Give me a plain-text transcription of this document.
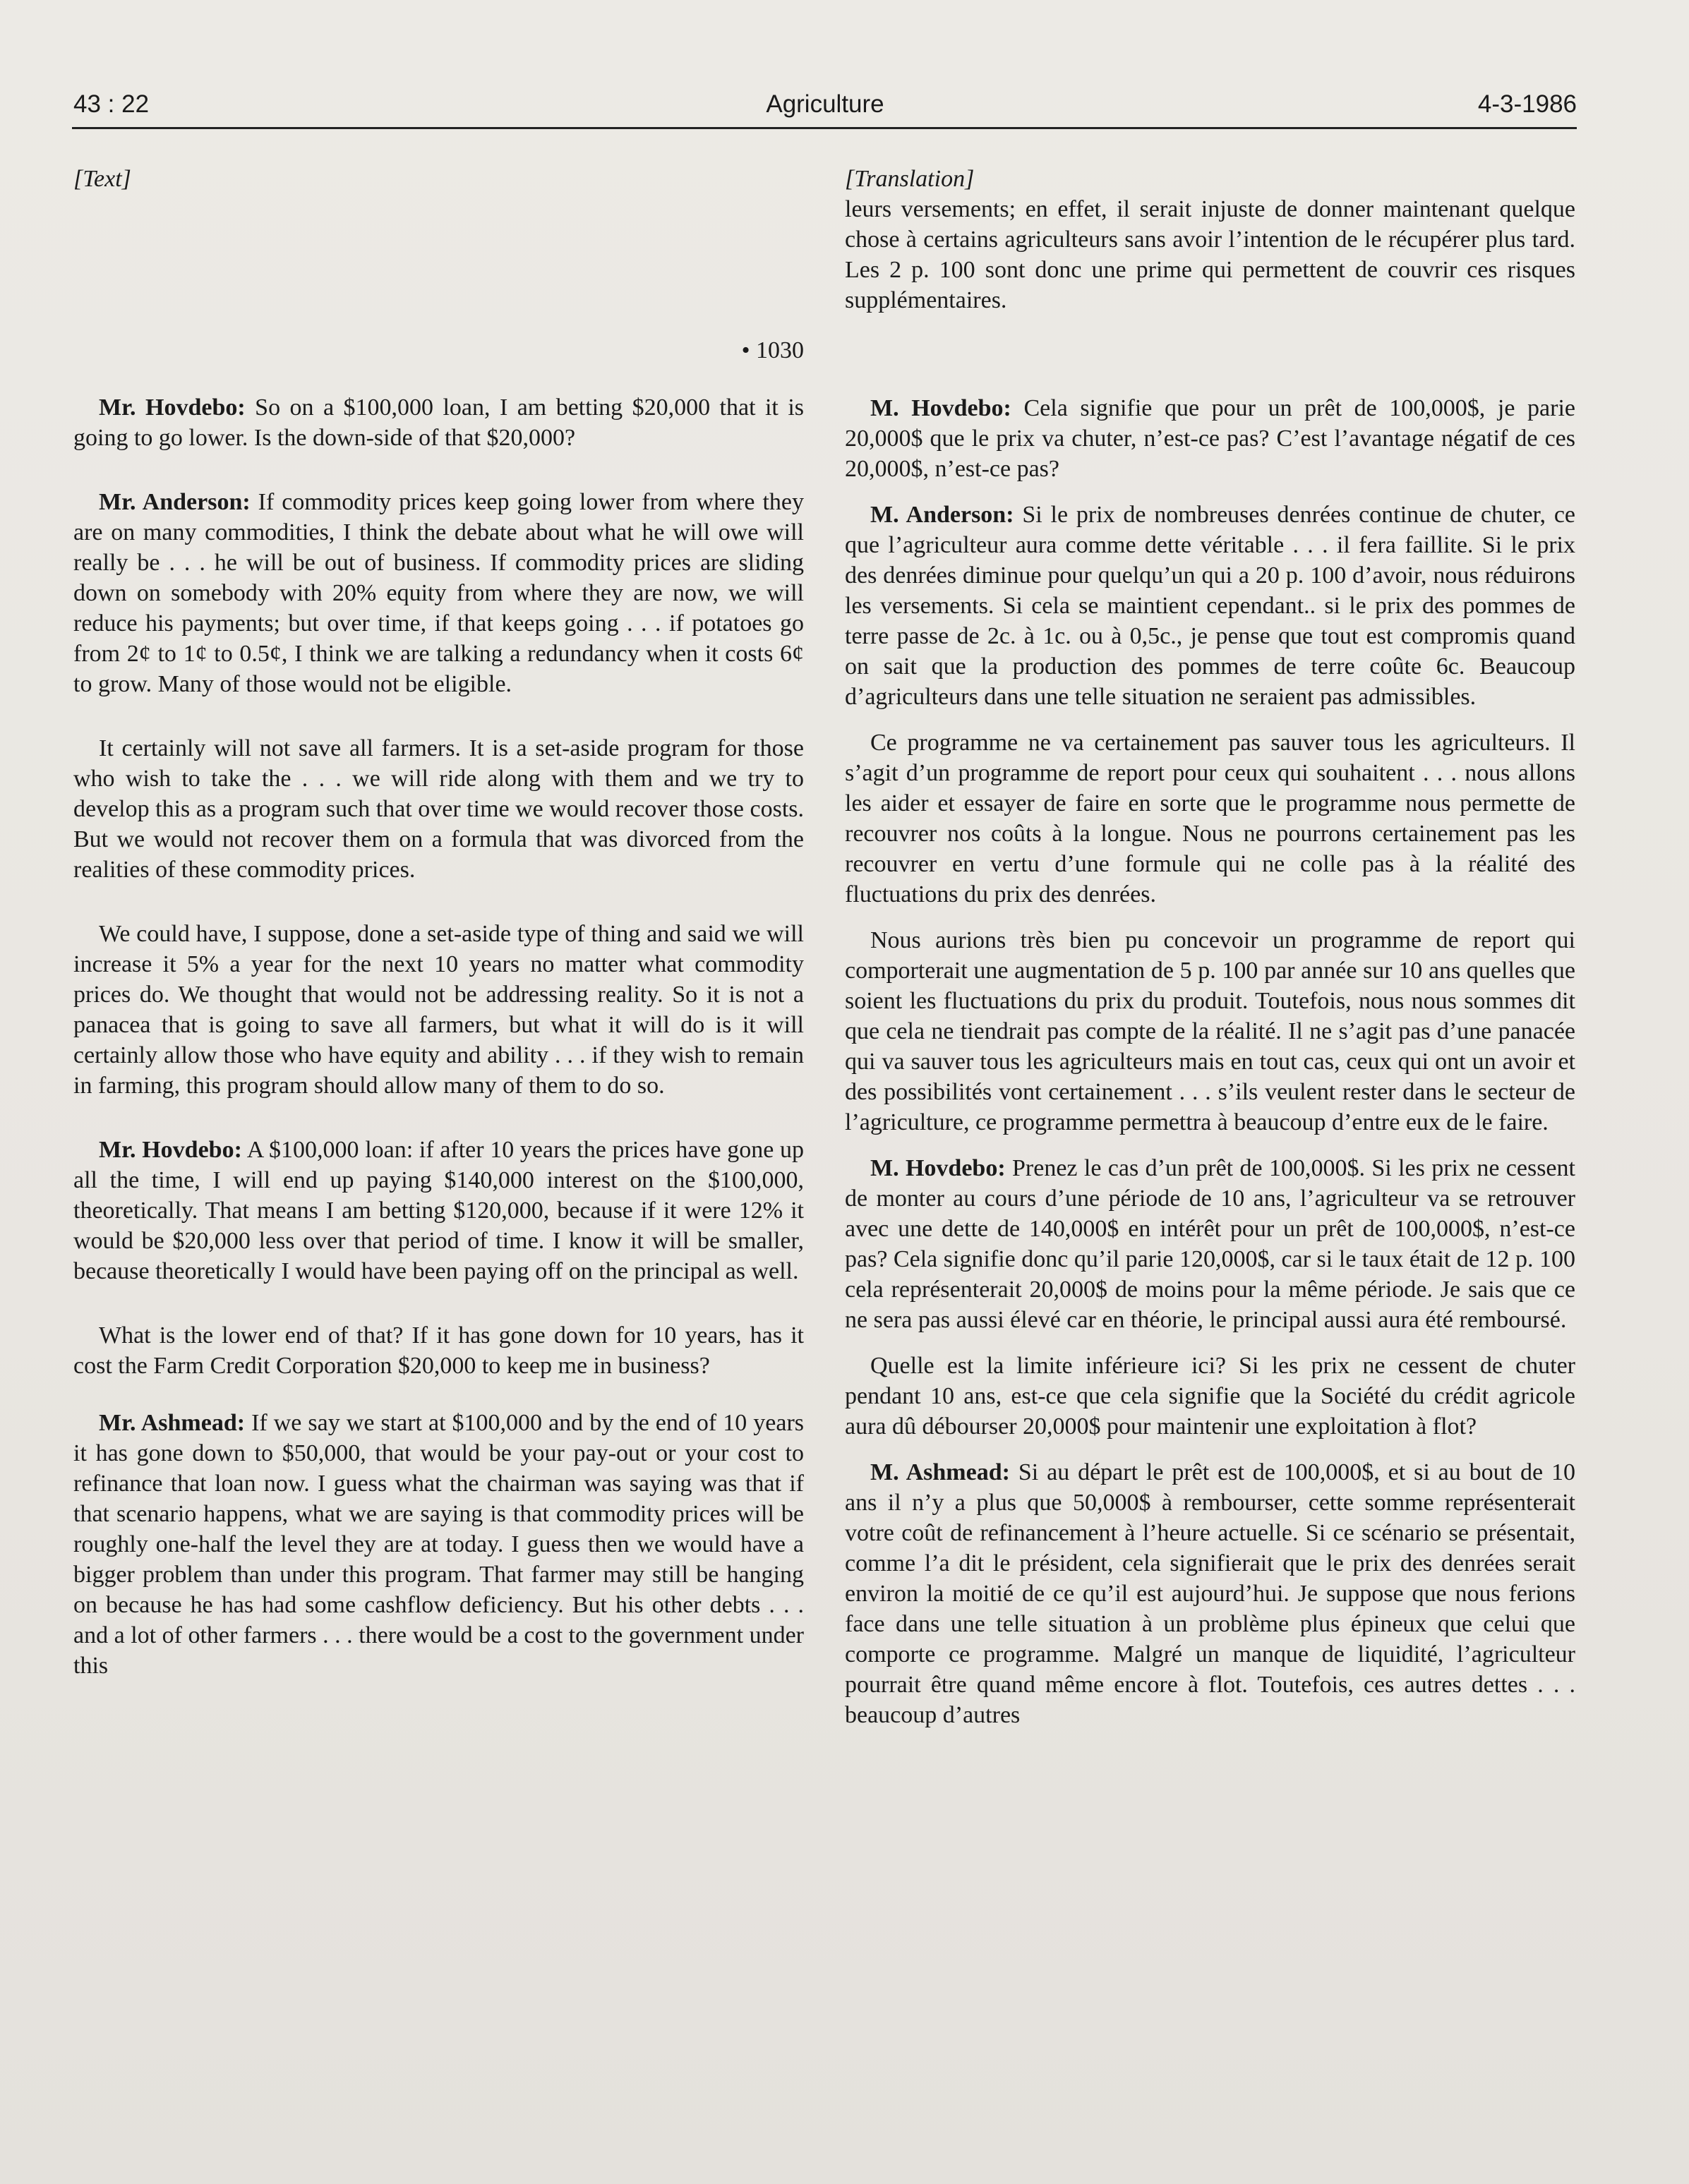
43 : 22	Agriculture	4-3-1986

[Text]

• 1030

Mr. Hovdebo: So on a $100,000 loan, I am betting $20,000 that it is going to go lower. Is the down-side of that $20,000?

Mr. Anderson: If commodity prices keep going lower from where they are on many commodities, I think the debate about what he will owe will really be . . . he will be out of business. If commodity prices are sliding down on somebody with 20% equity from where they are now, we will reduce his payments; but over time, if that keeps going . . . if potatoes go from 2¢ to 1¢ to 0.5¢, I think we are talking a redundancy when it costs 6¢ to grow. Many of those would not be eligible.

It certainly will not save all farmers. It is a set-aside program for those who wish to take the . . . we will ride along with them and we try to develop this as a program such that over time we would recover those costs. But we would not recover them on a formula that was divorced from the realities of these commodity prices.

We could have, I suppose, done a set-aside type of thing and said we will increase it 5% a year for the next 10 years no matter what commodity prices do. We thought that would not be addressing reality. So it is not a panacea that is going to save all farmers, but what it will do is it will certainly allow those who have equity and ability . . . if they wish to remain in farming, this program should allow many of them to do so.

Mr. Hovdebo: A $100,000 loan: if after 10 years the prices have gone up all the time, I will end up paying $140,000 interest on the $100,000, theoretically. That means I am betting $120,000, because if it were 12% it would be $20,000 less over that period of time. I know it will be smaller, because theoretically I would have been paying off on the principal as well.

What is the lower end of that? If it has gone down for 10 years, has it cost the Farm Credit Corporation $20,000 to keep me in business?

Mr. Ashmead: If we say we start at $100,000 and by the end of 10 years it has gone down to $50,000, that would be your pay-out or your cost to refinance that loan now. I guess what the chairman was saying was that if that scenario happens, what we are saying is that commodity prices will be roughly one-half the level they are at today. I guess then we would have a bigger problem than under this program. That farmer may still be hanging on because he has had some cashflow deficiency. But his other debts . . . and a lot of other farmers . . . there would be a cost to the government under this

[Translation]

leurs versements; en effet, il serait injuste de donner maintenant quelque chose à certains agriculteurs sans avoir l’intention de le récupérer plus tard. Les 2 p. 100 sont donc une prime qui permettent de couvrir ces risques supplémentaires.

M. Hovdebo: Cela signifie que pour un prêt de 100,000$, je parie 20,000$ que le prix va chuter, n’est-ce pas? C’est l’avantage négatif de ces 20,000$, n’est-ce pas?

M. Anderson: Si le prix de nombreuses denrées continue de chuter, ce que l’agriculteur aura comme dette véritable . . . il fera faillite. Si le prix des denrées diminue pour quelqu’un qui a 20 p. 100 d’avoir, nous réduirons les versements. Si cela se maintient cependant.. si le prix des pommes de terre passe de 2c. à 1c. ou à 0,5c., je pense que tout est compromis quand on sait que la production des pommes de terre coûte 6c. Beaucoup d’agriculteurs dans une telle situation ne seraient pas admissibles.

Ce programme ne va certainement pas sauver tous les agriculteurs. Il s’agit d’un programme de report pour ceux qui souhaitent . . . nous allons les aider et essayer de faire en sorte que le programme nous permette de recouvrer nos coûts à la longue. Nous ne pourrons certainement pas les recouvrer en vertu d’une formule qui ne colle pas à la réalité des fluctuations du prix des denrées.

Nous aurions très bien pu concevoir un programme de report qui comporterait une augmentation de 5 p. 100 par année sur 10 ans quelles que soient les fluctuations du prix du produit. Toutefois, nous nous sommes dit que cela ne tiendrait pas compte de la réalité. Il ne s’agit pas d’une panacée qui va sauver tous les agriculteurs mais en tout cas, ceux qui ont un avoir et des possibilités vont certainement . . . s’ils veulent rester dans le secteur de l’agriculture, ce programme permettra à beaucoup d’entre eux de le faire.

M. Hovdebo: Prenez le cas d’un prêt de 100,000$. Si les prix ne cessent de monter au cours d’une période de 10 ans, l’agriculteur va se retrouver avec une dette de 140,000$ en intérêt pour un prêt de 100,000$, n’est-ce pas? Cela signifie donc qu’il parie 120,000$, car si le taux était de 12 p. 100 cela représenterait 20,000$ de moins pour la même période. Je sais que ce ne sera pas aussi élevé car en théorie, le principal aussi aura été remboursé.

Quelle est la limite inférieure ici? Si les prix ne cessent de chuter pendant 10 ans, est-ce que cela signifie que la Société du crédit agricole aura dû débourser 20,000$ pour maintenir une exploitation à flot?

M. Ashmead: Si au départ le prêt est de 100,000$, et si au bout de 10 ans il n’y a plus que 50,000$ à rembourser, cette somme représenterait votre coût de refinancement à l’heure actuelle. Si ce scénario se présentait, comme l’a dit le président, cela signifierait que le prix des denrées serait environ la moitié de ce qu’il est aujourd’hui. Je suppose que nous ferions face dans une telle situation à un problème plus épineux que celui que comporte ce programme. Malgré un manque de liquidité, l’agriculteur pourrait être quand même encore à flot. Toutefois, ces autres dettes . . . beaucoup d’autres
